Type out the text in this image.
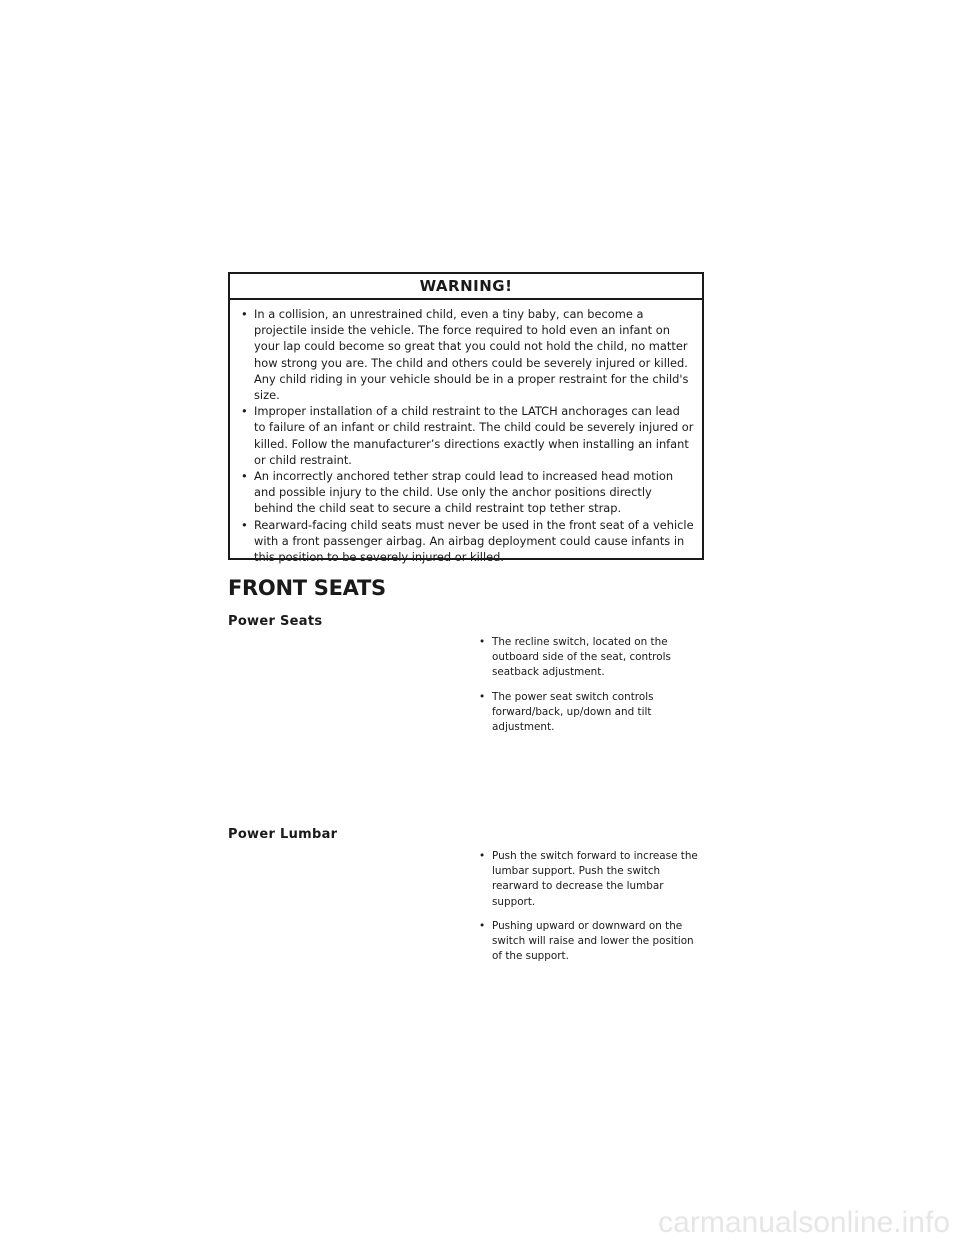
WARNING!
• In a collision, an unrestrained child, even a tiny baby, can become a projectile inside the vehicle. The force required to hold even an infant on your lap could become so great that you could not hold the child, no matter how strong you are. The child and others could be severely injured or killed. Any child riding in your vehicle should be in a proper restraint for the child's size.
• Improper installation of a child restraint to the LATCH anchorages can lead to failure of an infant or child restraint. The child could be severely injured or killed. Follow the manufacturer’s directions exactly when installing an infant or child restraint.
• An incorrectly anchored tether strap could lead to increased head motion and possible injury to the child. Use only the anchor positions directly behind the child seat to secure a child restraint top tether strap.
• Rearward-facing child seats must never be used in the front seat of a vehicle with a front passenger airbag. An airbag deployment could cause infants in this position to be severely injured or killed.
FRONT SEATS
Power Seats
• The recline switch, located on the outboard side of the seat, controls seatback adjustment.
• The power seat switch controls forward/back, up/down and tilt adjustment.
Power Lumbar
• Push the switch forward to increase the lumbar support. Push the switch rearward to decrease the lumbar support.
• Pushing upward or downward on the switch will raise and lower the position of the support.
carmanualsonline.info
